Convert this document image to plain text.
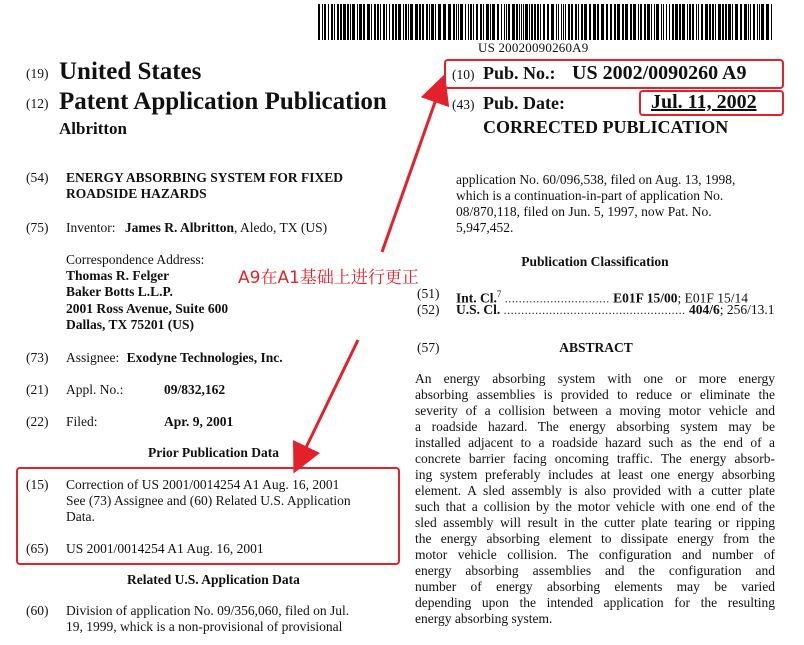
US 20020090260A9
(19) United States
(12) Patent Application Publication
Albritton
(10) Pub. No.: US 2002/0090260 A9
(43) Pub. Date:	Jul. 11, 2002
CORRECTED PUBLICATION
(54) ENERGY ABSORBING SYSTEM FOR FIXED
ROADSIDE HAZARDS
(75) Inventor: James R. Albritton, Aledo, TX (US)
Correspondence Address:
Thomas R. Felger
Baker Botts L.L.P.
2001 Ross Avenue, Suite 600
Dallas, TX 75201 (US)
(73) Assignee: Exodyne Technologies, Inc.
(21) Appl. No.:	09/832,162
(22) Filed:	Apr. 9, 2001
Prior Publication Data
(15) Correction of US 2001/0014254 A1 Aug. 16, 2001
See (73) Assignee and (60) Related U.S. Application
Data.
(65) US 2001/0014254 A1 Aug. 16, 2001
Related U.S. Application Data
(60) Division of application No. 09/356,060, filed on Jul.
19, 1999, whick is a non-provisional of provisional
application No. 60/096,538, filed on Aug. 13, 1998,
which is a continuation-in-part of application No.
08/870,118, filed on Jun. 5, 1997, now Pat. No.
5,947,452.
Publication Classification
(51) Int. Cl.$^7$ .............................. E01F 15/00; E01F 15/14
(52) U.S. Cl. .................................................... 404/6; 256/13.1
(57)	ABSTRACT
An energy absorbing system with one or more energy
absorbing assemblies is provided to reduce or eliminate the
severity of a collision between a moving motor vehicle and
a roadside hazard. The energy absorbing system may be
installed adjacent to a roadside hazard such as the end of a
concrete barrier facing oncoming traffic. The energy absorb-
ing system preferably includes at least one energy absorbing
element. A sled assembly is also provided with a cutter plate
such that a collision by the motor vehicle with one end of the
sled assembly will result in the cutter plate tearing or ripping
the energy absorbing element to dissipate energy from the
motor vehicle collision. The configuration and number of
energy absorbing assemblies and the configuration and
number of energy absorbing elements may be varied
depending upon the intended application for the resulting
energy absorbing system.
A9在A1基础上进行更正
